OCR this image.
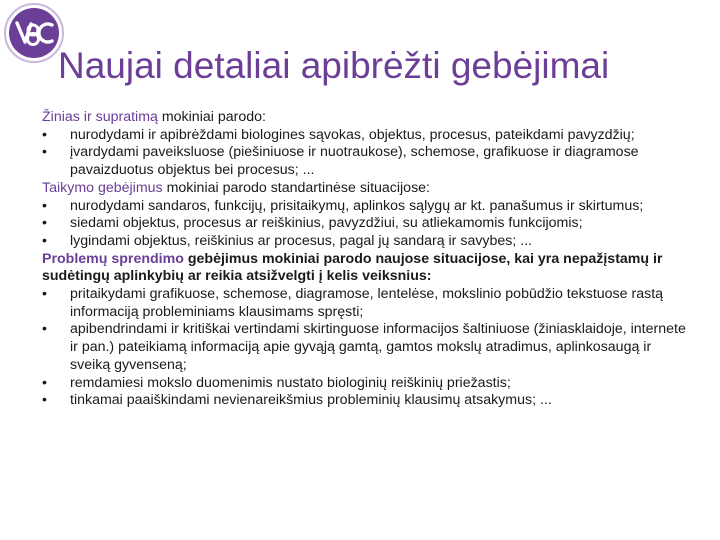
Naujai detaliai apibrėžti gebėjimai

Žinias ir supratimą mokiniai parodo:

• nurodydami ir apibrėždami biologines sąvokas, objektus, procesus, pateikdami pavyzdžių;
• įvardydami paveiksluose (piešiniuose ir nuotraukose), schemose, grafikuose ir diagramose pavaizduotus objektus bei procesus; ...

Taikymo gebėjimus mokiniai parodo standartinėse situacijose:

• nurodydami sandaros, funkcijų, prisitaikymų, aplinkos sąlygų ar kt. panašumus ir skirtumus;
• siedami objektus, procesus ar reiškinius, pavyzdžiui, su atliekamomis funkcijomis;
• lygindami objektus, reiškinius ar procesus, pagal jų sandarą ir savybes; ...

Problemų sprendimo gebėjimus mokiniai parodo naujose situacijose, kai yra nepažįstamų ir sudėtingų aplinkybių ar reikia atsižvelgti į kelis veiksnius:

• pritaikydami grafikuose, schemose, diagramose, lentelėse, mokslinio pobūdžio tekstuose rastą informaciją probleminiams klausimams spręsti;
• apibendrindami ir kritiškai vertindami skirtinguose informacijos šaltiniuose (žiniasklaidoje, internete ir pan.) pateikiamą informaciją apie gyvąją gamtą, gamtos mokslų atradimus, aplinkosaugą ir sveiką gyvenseną;
• remdamiesi mokslo duomenimis nustato biologinių reiškinių priežastis;
• tinkamai paaiškindami nevienareikšmius probleminių klausimų atsakymus; ...
